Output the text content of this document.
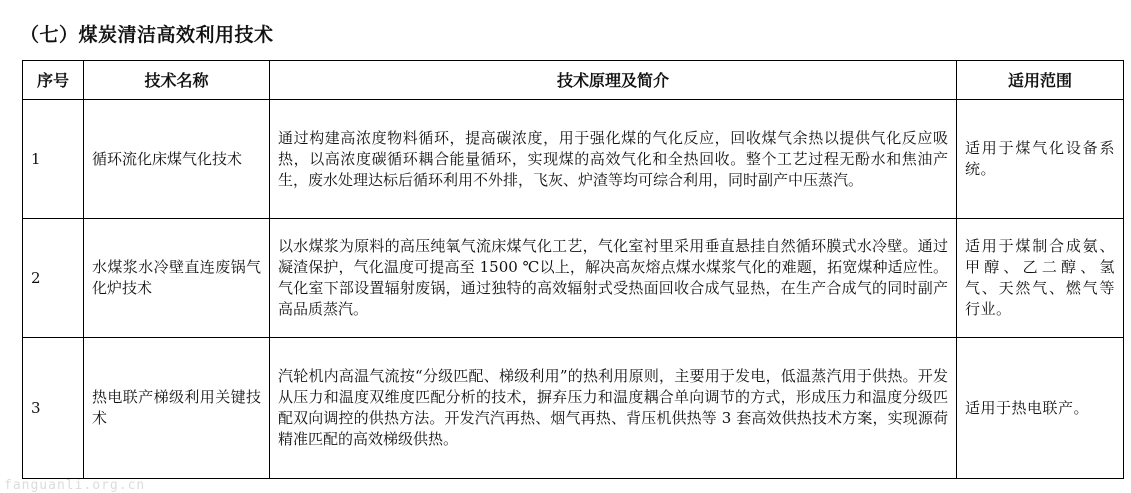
（七）煤炭清洁高效利用技术
序号	技术名称	技术原理及简介	适用范围
1	循环流化床煤气化技术	通过构建高浓度物料循环，提高碳浓度，用于强化煤的气化反应，回收煤气余热以提供气化反应吸热，以高浓度碳循环耦合能量循环，实现煤的高效气化和全热回收。整个工艺过程无酚水和焦油产生，废水处理达标后循环利用不外排，飞灰、炉渣等均可综合利用，同时副产中压蒸汽。	适用于煤气化设备系统。
2	水煤浆水冷壁直连废锅气化炉技术	以水煤浆为原料的高压纯氧气流床煤气化工艺，气化室衬里采用垂直悬挂自然循环膜式水冷壁。通过凝渣保护，气化温度可提高至 1500 ℃以上，解决高灰熔点煤水煤浆气化的难题，拓宽煤种适应性。气化室下部设置辐射废锅，通过独特的高效辐射式受热面回收合成气显热，在生产合成气的同时副产高品质蒸汽。	适用于煤制合成氨、甲醇、乙二醇、氢气、天然气、燃气等行业。
3	热电联产梯级利用关键技术	汽轮机内高温气流按“分级匹配、梯级利用”的热利用原则，主要用于发电，低温蒸汽用于供热。开发从压力和温度双维度匹配分析的技术，摒弃压力和温度耦合单向调节的方式，形成压力和温度分级匹配双向调控的供热方法。开发汽汽再热、烟气再热、背压机供热等 3 套高效供热技术方案，实现源荷精准匹配的高效梯级供热。	适用于热电联产。
fanguanli.org.cn
